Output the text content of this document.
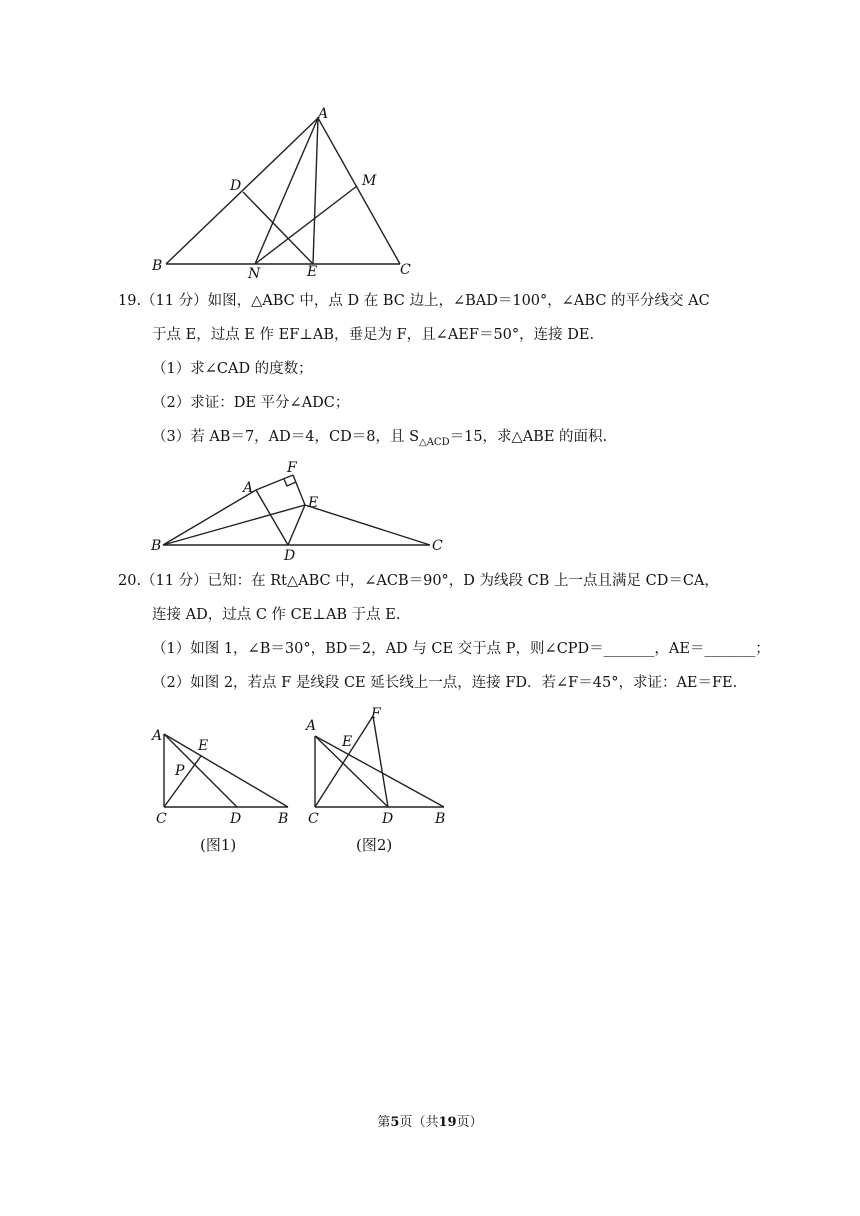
A
B	C
D
E
M
N
19.（11 分）如图，△ABC 中，点 D 在 BC 边上，∠BAD＝100°，∠ABC 的平分线交 AC
于点 E，过点 E 作 EF⊥AB，垂足为 F，且∠AEF＝50°，连接 DE.
（1）求∠CAD 的度数；
（2）求证：DE 平分∠ADC；
（3）若 AB＝7，AD＝4，CD＝8，且 $S_{\triangle ACD}=15$，求△ABE 的面积.
A
B	C
D
E
F
20.（11 分）已知：在 Rt△ABC 中，∠ACB＝90°，D 为线段 CB 上一点且满足 CD＝CA，
连接 AD，过点 C 作 CE⊥AB 于点 E.
（1）如图 1，∠B＝30°，BD＝2，AD 与 CE 交于点 P，则∠CPD＝_______，AE＝_______；
（2）如图 2，若点 F 是线段 CE 延长线上一点，连接 FD．若∠F＝45°，求证：AE＝FE.
A
B
C	D
E
P
(图1)
A
B
C	D
E
F
(图2)
第5页（共19页）
